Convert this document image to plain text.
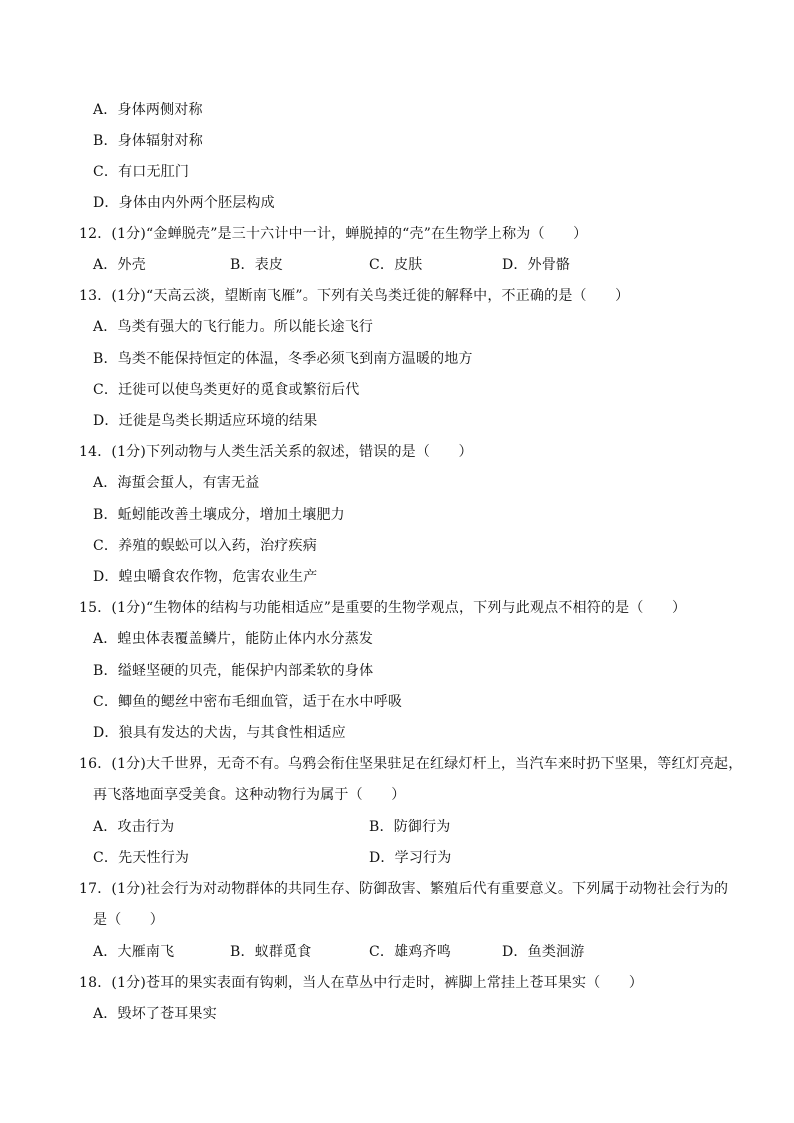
A．身体两侧对称
B．身体辐射对称
C．有口无肛门
D．身体由内外两个胚层构成
12．(1分)“金蝉脱壳”是三十六计中一计，蝉脱掉的“壳”在生物学上称为（　　）
A．外壳	B．表皮	C．皮肤	D．外骨骼
13．(1分)“天高云淡，望断南飞雁”。下列有关鸟类迁徙的解释中，不正确的是（　　）
A．鸟类有强大的飞行能力。所以能长途飞行
B．鸟类不能保持恒定的体温，冬季必须飞到南方温暖的地方
C．迁徙可以使鸟类更好的觅食或繁衍后代
D．迁徙是鸟类长期适应环境的结果
14．(1分)下列动物与人类生活关系的叙述，错误的是（　　）
A．海蜇会蜇人，有害无益
B．蚯蚓能改善土壤成分，增加土壤肥力
C．养殖的蜈蚣可以入药，治疗疾病
D．蝗虫嚼食农作物，危害农业生产
15．(1分)“生物体的结构与功能相适应”是重要的生物学观点，下列与此观点不相符的是（　　）
A．蝗虫体表覆盖鳞片，能防止体内水分蒸发
B．缢蛏坚硬的贝壳，能保护内部柔软的身体
C．鲫鱼的鳃丝中密布毛细血管，适于在水中呼吸
D．狼具有发达的犬齿，与其食性相适应
16．(1分)大千世界，无奇不有。乌鸦会衔住坚果驻足在红绿灯杆上，当汽车来时扔下坚果，等红灯亮起，
再飞落地面享受美食。这种动物行为属于（　　）
A．攻击行为	B．防御行为
C．先天性行为	D．学习行为
17．(1分)社会行为对动物群体的共同生存、防御敌害、繁殖后代有重要意义。下列属于动物社会行为的
是（　　）
A．大雁南飞	B．蚁群觅食	C．雄鸡齐鸣	D．鱼类洄游
18．(1分)苍耳的果实表面有钩刺，当人在草丛中行走时，裤脚上常挂上苍耳果实（　　）
A．毁坏了苍耳果实
